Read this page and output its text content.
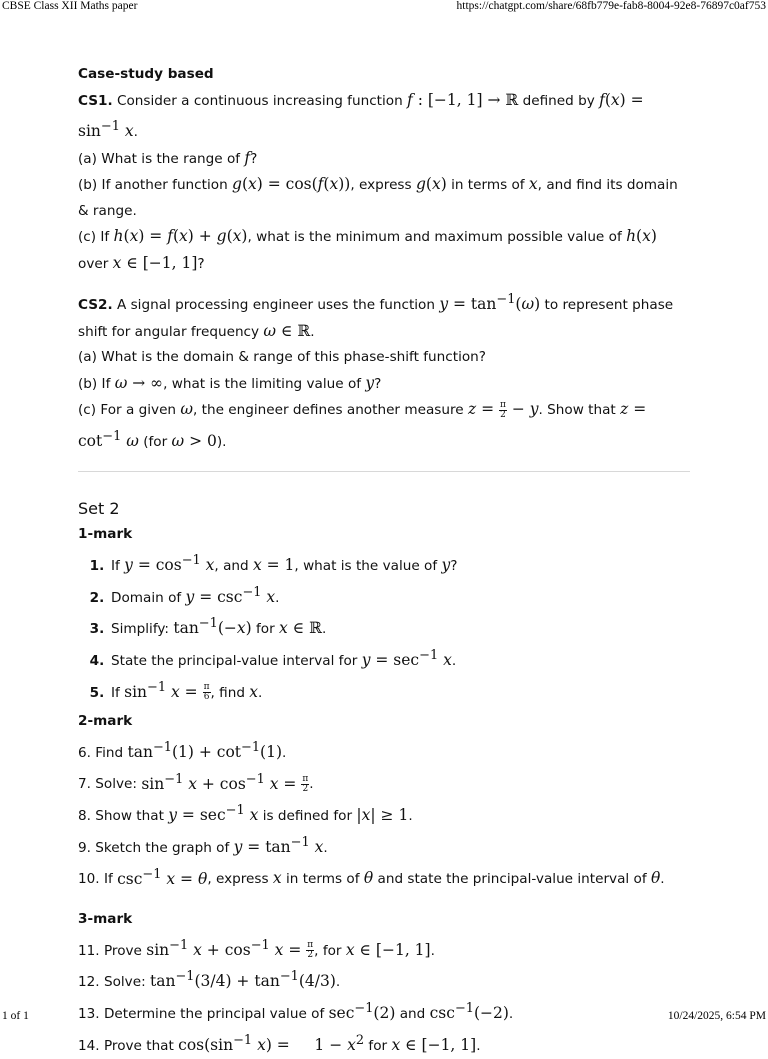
CBSE Class XII Maths paper	https://chatgpt.com/share/68fb779e-fab8-8004-92e8-76897c0af753

Case-study based

CS1. Consider a continuous increasing function f : [−1, 1] → ℝ defined by f(x) =
$\sin^{-1} x$.

(a) What is the range of f?

(b) If another function g(x) = cos(f(x)), express g(x) in terms of x, and find its domain & range.

(c) If h(x) = f(x) + g(x), what is the minimum and maximum possible value of h(x) over x ∈ [−1, 1]?

CS2. A signal processing engineer uses the function $y = \tan^{-1}(\omega)$ to represent phase shift for angular frequency ω ∈ ℝ.

(a) What is the domain & range of this phase-shift function?

(b) If ω → ∞, what is the limiting value of y?

(c) For a given ω, the engineer defines another measure $z = \frac{\pi}{2} - y$. Show that z =
$\cot^{-1} \omega$ (for ω > 0).

Set 2

1-mark

1. If $y = \cos^{-1} x$, and x = 1, what is the value of y?
2. Domain of $y = \csc^{-1} x$.
3. Simplify: $\tan^{-1}(-x)$ for x ∈ ℝ.
4. State the principal-value interval for $y = \sec^{-1} x$.
5. If $\sin^{-1} x = \frac{\pi}{6}$ , find x.

2-mark

6. Find $\tan^{-1}(1) + \cot^{-1}(1)$.

7. Solve: $\sin^{-1} x + \cos^{-1} x = \frac{\pi}{2}$ .

8. Show that $y = \sec^{-1} x$ is defined for |x| ≥ 1.

9. Sketch the graph of $y = \tan^{-1} x$.

10. If $\csc^{-1} x = \theta$, express x in terms of θ and state the principal-value interval of θ.

3-mark

11. Prove $\sin^{-1} x + \cos^{-1} x = \frac{\pi}{2}$ , for x ∈ [−1, 1].

12. Solve: $\tan^{-1}(3/4) + \tan^{-1}(4/3)$.

13. Determine the principal value of $\sec^{-1}(2)$ and $\csc^{-1}(-2)$.

14. Prove that $\cos(\sin^{-1}$ x) =     $1 - x^2$ for x ∈ [−1, 1].

1 of 1	10/24/2025, 6:54 PM
